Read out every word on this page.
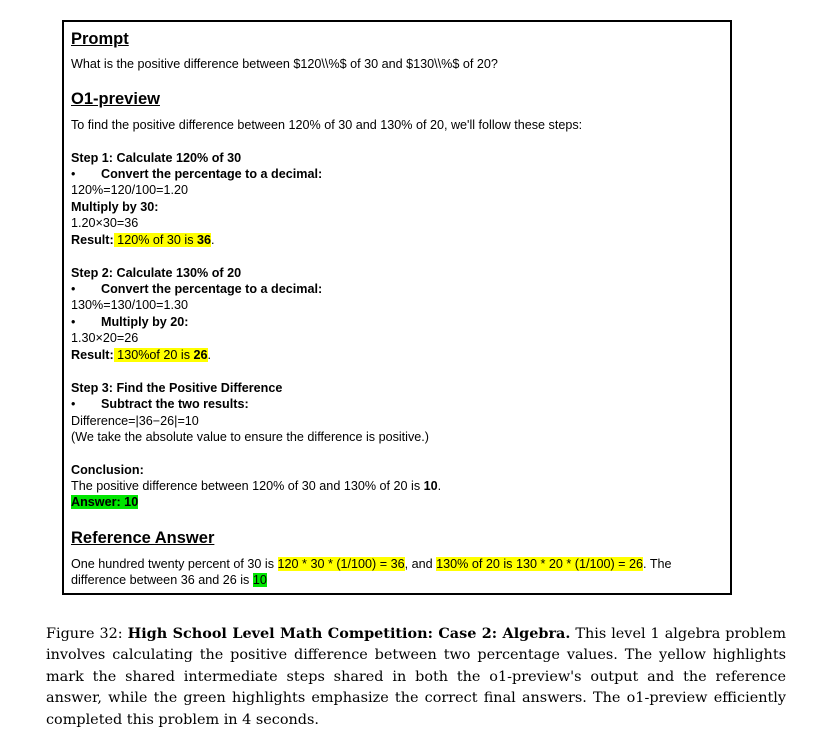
Prompt
What is the positive difference between $120\\%$ of 30 and $130\\%$ of 20?
O1-preview
To find the positive difference between 120% of 30 and 130% of 20, we'll follow these steps:
Step 1: Calculate 120% of 30
• Convert the percentage to a decimal:
120%=120/100=1.20
Multiply by 30:
1.20×30=36
Result: 120% of 30 is 36.
Step 2: Calculate 130% of 20
• Convert the percentage to a decimal:
130%=130/100=1.30
• Multiply by 20:
1.30×20=26
Result: 130%of 20 is 26.
Step 3: Find the Positive Difference
• Subtract the two results:
Difference=|36−26|=10
(We take the absolute value to ensure the difference is positive.)
Conclusion:
The positive difference between 120% of 30 and 130% of 20 is 10.
Answer: 10
Reference Answer
One hundred twenty percent of 30 is 120 * 30 * (1/100) = 36, and 130% of 20 is 130 * 20 * (1/100) = 26. The
difference between 36 and 26 is 10
Figure 32: High School Level Math Competition: Case 2: Algebra. This level 1 algebra problem involves calculating the positive difference between two percentage values. The yellow highlights mark the shared intermediate steps shared in both the o1-preview's output and the reference answer, while the green highlights emphasize the correct final answers. The o1-preview efficiently completed this problem in 4 seconds.
